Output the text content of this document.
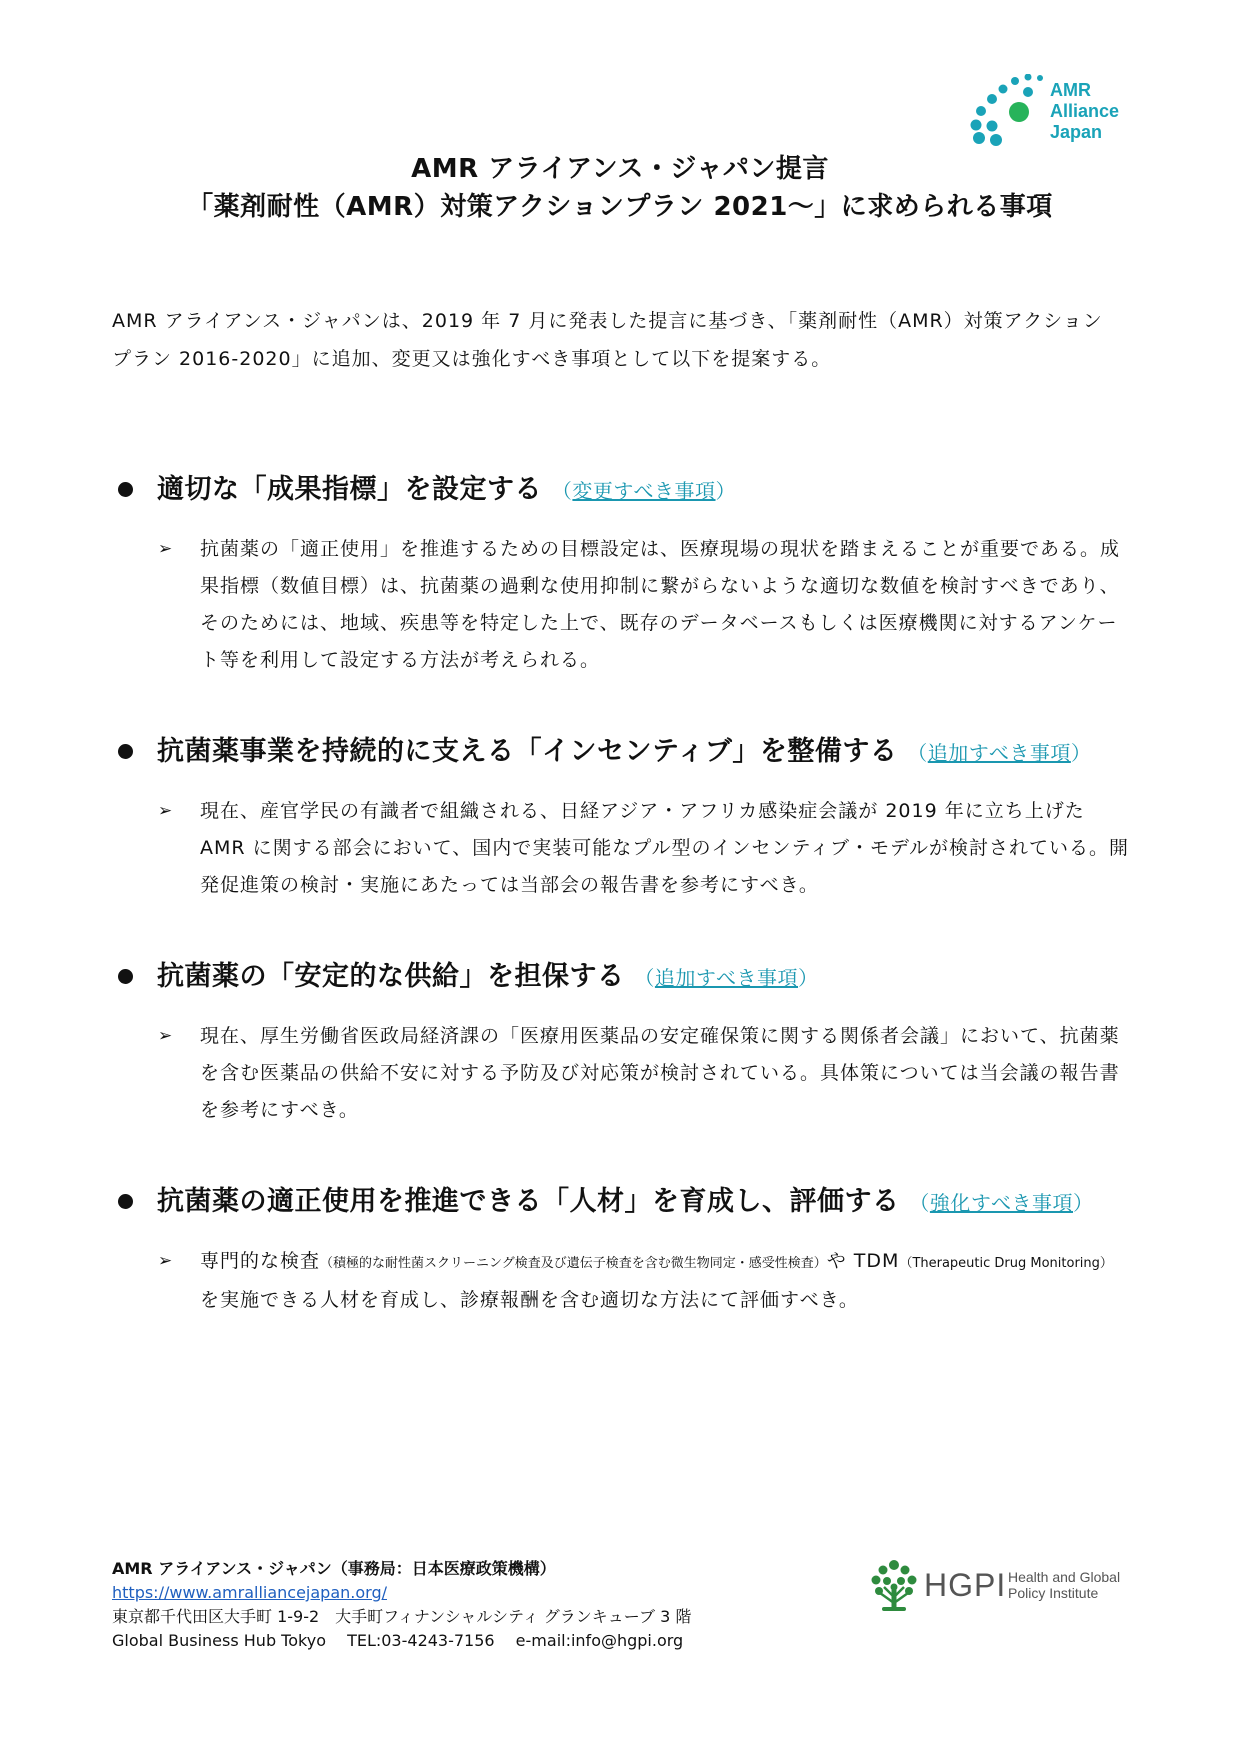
AMR
Alliance
Japan
AMR アライアンス・ジャパン提言
「薬剤耐性（AMR）対策アクションプラン 2021～」に求められる事項
AMR アライアンス・ジャパンは、2019 年 7 月に発表した提言に基づき、「薬剤耐性（AMR）対策アクションプラン 2016-2020」に追加、変更又は強化すべき事項として以下を提案する。
適切な「成果指標」を設定する （変更すべき事項）
➢ 抗菌薬の「適正使用」を推進するための目標設定は、医療現場の現状を踏まえることが重要である。成果指標（数値目標）は、抗菌薬の過剰な使用抑制に繋がらないような適切な数値を検討すべきであり、そのためには、地域、疾患等を特定した上で、既存のデータベースもしくは医療機関に対するアンケート等を利用して設定する方法が考えられる。
抗菌薬事業を持続的に支える「インセンティブ」を整備する （追加すべき事項）
➢ 現在、産官学民の有識者で組織される、日経アジア・アフリカ感染症会議が 2019 年に立ち上げた AMR に関する部会において、国内で実装可能なプル型のインセンティブ・モデルが検討されている。開発促進策の検討・実施にあたっては当部会の報告書を参考にすべき。
抗菌薬の「安定的な供給」を担保する （追加すべき事項）
➢ 現在、厚生労働省医政局経済課の「医療用医薬品の安定確保策に関する関係者会議」において、抗菌薬を含む医薬品の供給不安に対する予防及び対応策が検討されている。具体策については当会議の報告書を参考にすべき。
抗菌薬の適正使用を推進できる「人材」を育成し、評価する （強化すべき事項）
➢ 専門的な検査（積極的な耐性菌スクリーニング検査及び遺伝子検査を含む微生物同定・感受性検査）や TDM（Therapeutic Drug Monitoring）を実施できる人材を育成し、診療報酬を含む適切な方法にて評価すべき。
AMR アライアンス・ジャパン（事務局：日本医療政策機構）
https://www.amralliancejapan.org/
東京都千代田区大手町 1-9-2　大手町フィナンシャルシティ グランキューブ 3 階
Global Business Hub Tokyo　 TEL:03-4243-7156　 e-mail:info@hgpi.org
HGPI Health and Global
Policy Institute
